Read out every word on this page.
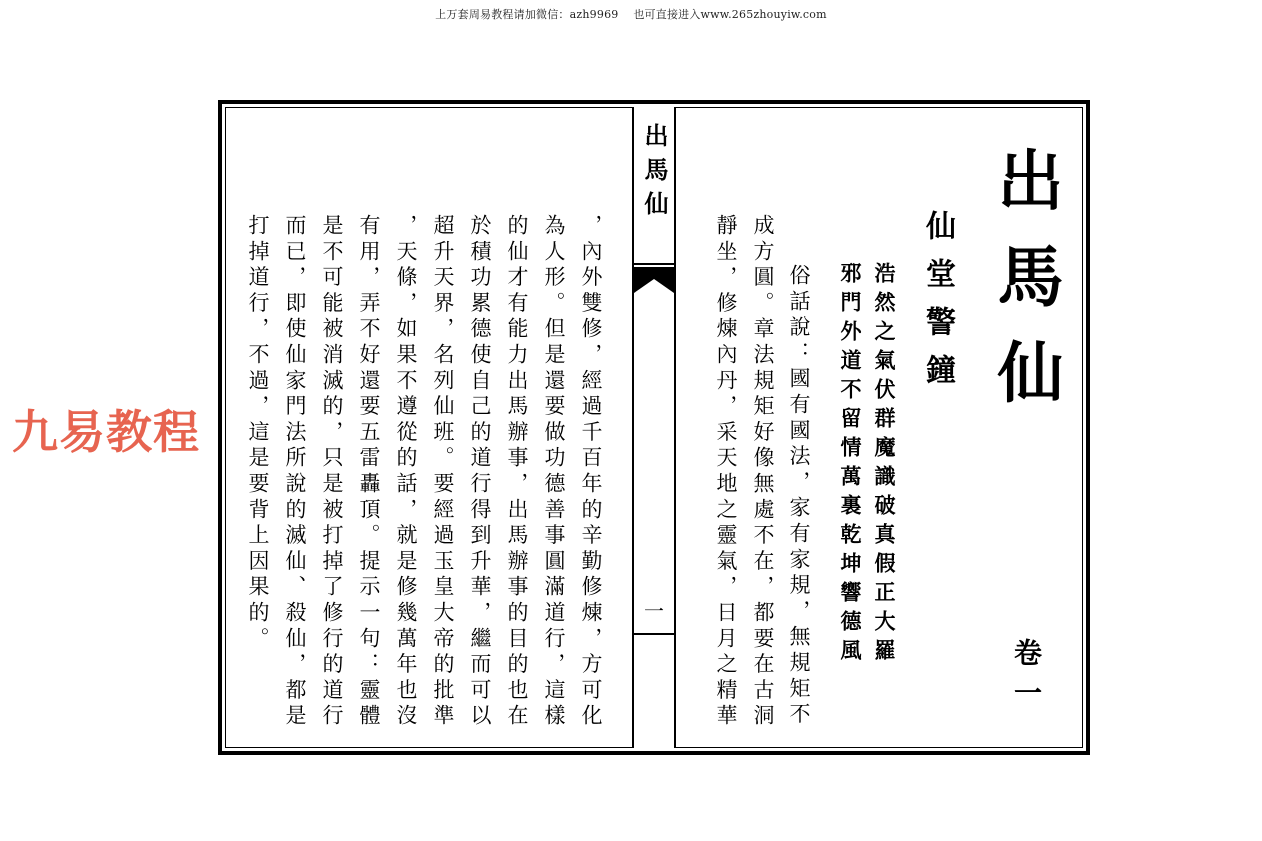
上万套周易教程请加微信：azh9969　 也可直接进入www.265zhouyiw.com
出馬仙
一
出馬仙
仙堂警鐘
浩然之氣伏群魔識破真假正大羅
邪門外道不留情萬裏乾坤響德風
卷一
俗話說：國有國法，家有家規，無規矩不
成方圓。章法規矩好像無處不在，都要在古洞
靜坐，修煉內丹，采天地之靈氣，日月之精華
，內外雙修，經過千百年的辛勤修煉，方可化
為人形。但是還要做功德善事圓滿道行，這樣
的仙才有能力出馬辦事，出馬辦事的目的也在
於積功累德使自己的道行得到升華，繼而可以
超升天界，名列仙班。要經過玉皇大帝的批準
，天條，如果不遵從的話，就是修幾萬年也沒
有用，弄不好還要五雷轟頂。提示一句：靈體
是不可能被消滅的，只是被打掉了修行的道行
而已，即使仙家門法所說的滅仙、殺仙，都是
打掉道行，不過，這是要背上因果的。
九易教程
